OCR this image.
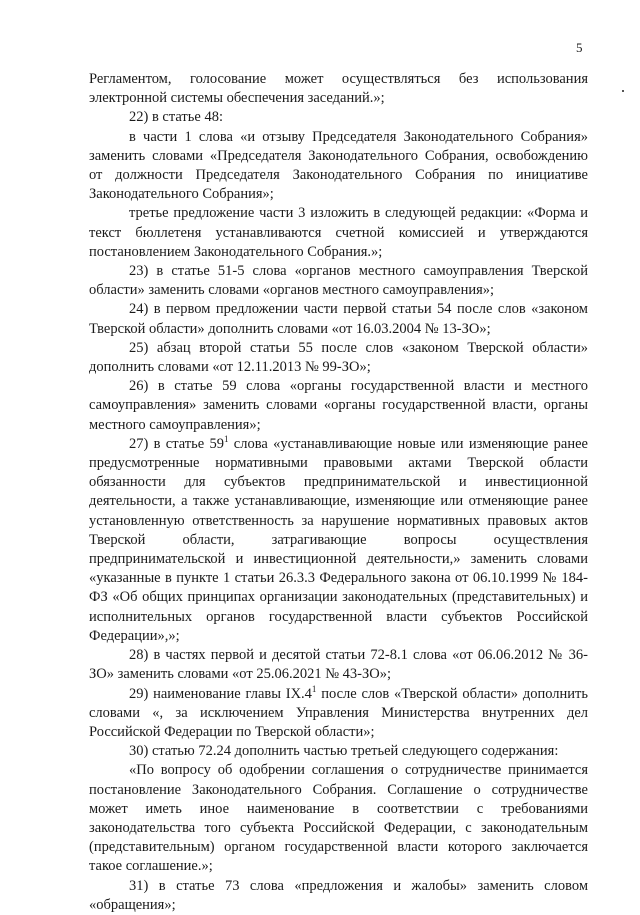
5

Регламентом, голосование может осуществляться без использования электронной системы обеспечения заседаний.»;

22) в статье 48:

в части 1 слова «и отзыву Председателя Законодательного Собрания» заменить словами «Председателя Законодательного Собрания, освобождению от должности Председателя Законодательного Собрания по инициативе Законодательного Собрания»;

третье предложение части 3 изложить в следующей редакции: «Форма и текст бюллетеня устанавливаются счетной комиссией и утверждаются постановлением Законодательного Собрания.»;

23) в статье 51-5 слова «органов местного самоуправления Тверской области» заменить словами «органов местного самоуправления»;

24) в первом предложении части первой статьи 54 после слов «законом Тверской области» дополнить словами «от 16.03.2004 № 13-ЗО»;

25) абзац второй статьи 55 после слов «законом Тверской области» дополнить словами «от 12.11.2013 № 99-ЗО»;

26) в статье 59 слова «органы государственной власти и местного самоуправления» заменить словами «органы государственной власти, органы местного самоуправления»;

27) в статье $59^1$ слова «устанавливающие новые или изменяющие ранее предусмотренные нормативными правовыми актами Тверской области обязанности для субъектов предпринимательской и инвестиционной деятельности, а также устанавливающие, изменяющие или отменяющие ранее установленную ответственность за нарушение нормативных правовых актов Тверской области, затрагивающие вопросы осуществления предпринимательской и инвестиционной деятельности,» заменить словами «указанные в пункте 1 статьи 26.3.3 Федерального закона от 06.10.1999 № 184-ФЗ «Об общих принципах организации законодательных (представительных) и исполнительных органов государственной власти субъектов Российской Федерации»,»;

28) в частях первой и десятой статьи 72-8.1 слова «от 06.06.2012 № 36-ЗО» заменить словами «от 25.06.2021 № 43-ЗО»;

29) наименование главы $IX.4^1$ после слов «Тверской области» дополнить словами «, за исключением Управления Министерства внутренних дел Российской Федерации по Тверской области»;

30) статью 72.24 дополнить частью третьей следующего содержания:

«По вопросу об одобрении соглашения о сотрудничестве принимается постановление Законодательного Собрания. Соглашение о сотрудничестве может иметь иное наименование в соответствии с требованиями законодательства того субъекта Российской Федерации, с законодательным (представительным) органом государственной власти которого заключается такое соглашение.»;

31) в статье 73 слова «предложения и жалобы» заменить словом «обращения»;
